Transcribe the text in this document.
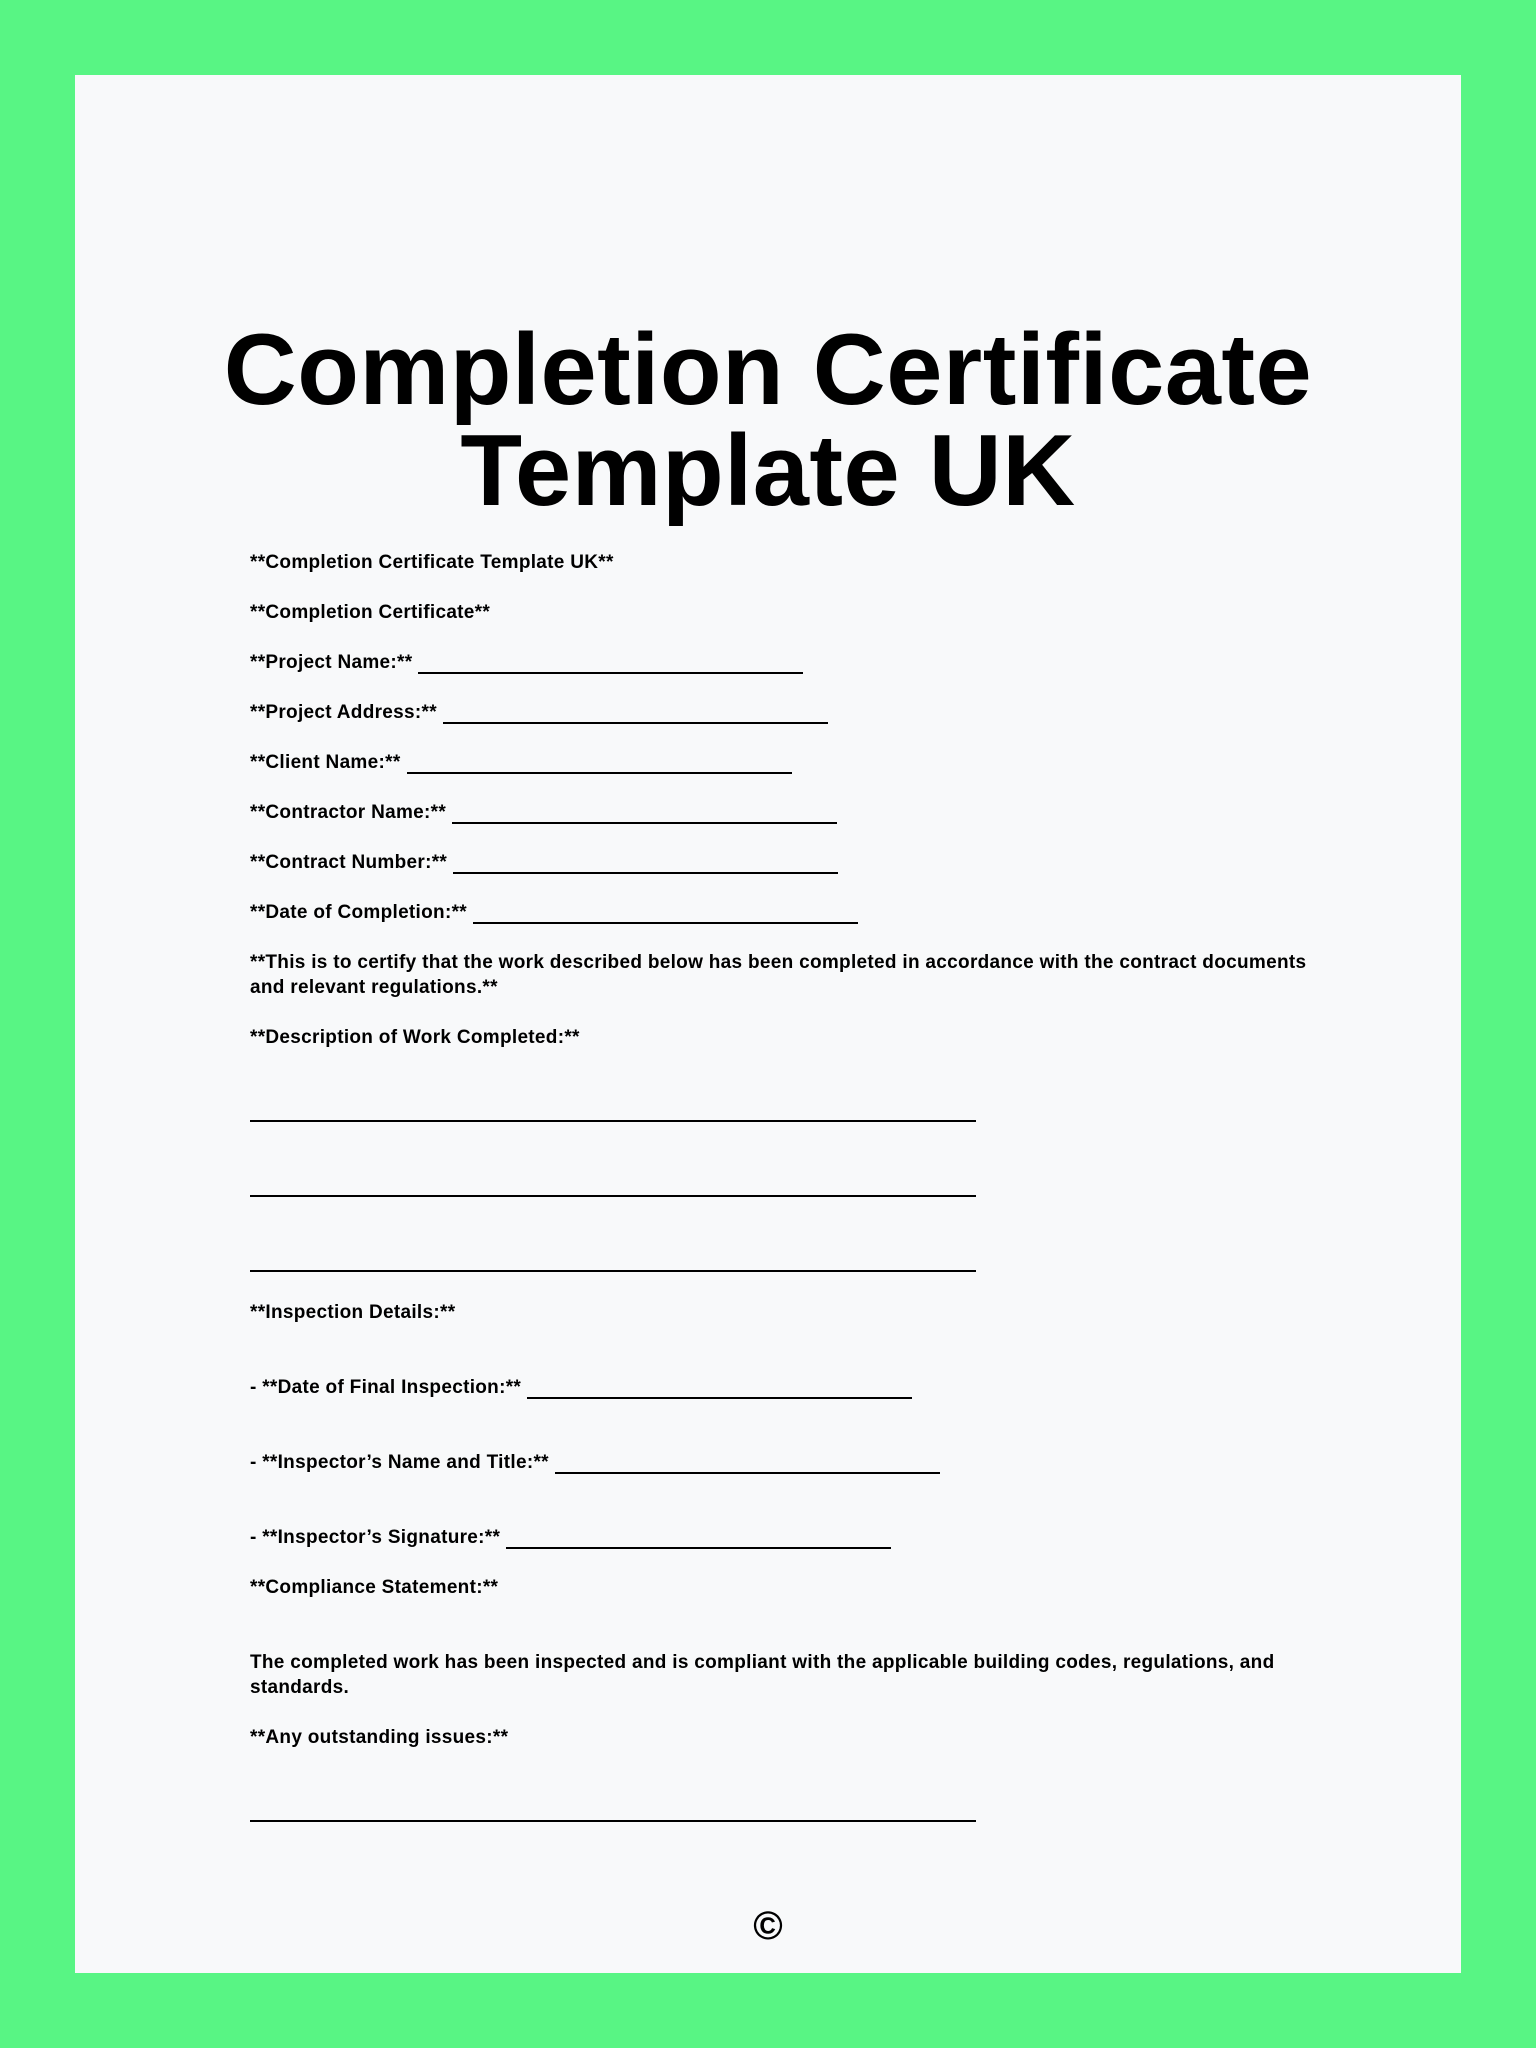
Completion Certificate Template UK
**Completion Certificate Template UK**
**Completion Certificate**
**Project Name:**
**Project Address:**
**Client Name:**
**Contractor Name:**
**Contract Number:**
**Date of Completion:**
**This is to certify that the work described below has been completed in accordance with the contract documents and relevant regulations.**
**Description of Work Completed:**
**Inspection Details:**
- **Date of Final Inspection:**
- **Inspector’s Name and Title:**
- **Inspector’s Signature:**
**Compliance Statement:**
The completed work has been inspected and is compliant with the applicable building codes, regulations, and standards.
**Any outstanding issues:**
©
